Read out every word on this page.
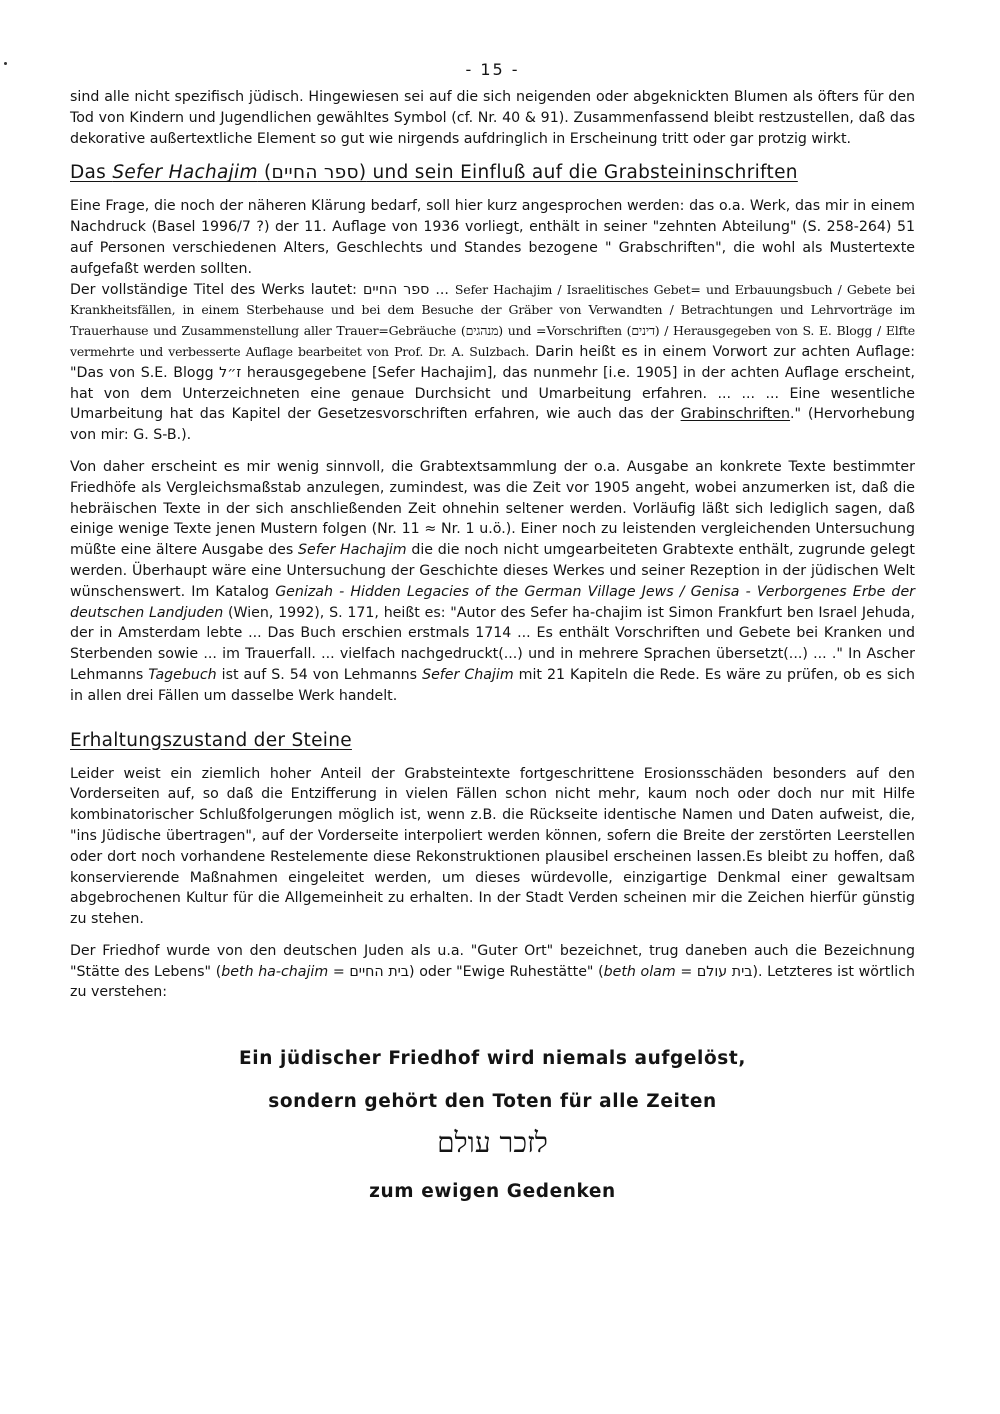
- 15 -

sind alle nicht spezifisch jüdisch. Hingewiesen sei auf die sich neigenden oder abgeknickten Blumen als öfters für den Tod von Kindern und Jugendlichen gewähltes Symbol (cf. Nr. 40 & 91). Zusammenfassend bleibt restzustellen, daß das dekorative außertextliche Element so gut wie nirgends aufdringlich in Erscheinung tritt oder gar protzig wirkt.

Das Sefer Hachajim (ספר החיים) und sein Einfluß auf die Grabsteininschriften

Eine Frage, die noch der näheren Klärung bedarf, soll hier kurz angesprochen werden: das o.a. Werk, das mir in einem Nachdruck (Basel 1996/7 ?) der 11. Auflage von 1936 vorliegt, enthält in seiner "zehnten Abteilung" (S. 258-264) 51 auf Personen verschiedenen Alters, Geschlechts und Standes bezogene " Grabschriften", die wohl als Mustertexte aufgefaßt werden sollten.
Der vollständige Titel des Werks lautet: ספר החיים ... Sefer Hachajim / Israelitisches Gebet= und Erbauungsbuch / Gebete bei Krankheitsfällen, in einem Sterbehause und bei dem Besuche der Gräber von Verwandten / Betrachtungen und Lehrvorträge im Trauerhause und Zusammenstellung aller Trauer=Gebräuche (מנהגים) und =Vorschriften (דינים) / Herausgegeben von S. E. Blogg / Elfte vermehrte und verbesserte Auflage bearbeitet von Prof. Dr. A. Sulzbach. Darin heißt es in einem Vorwort zur achten Auflage: "Das von S.E. Blogg ז״ל herausgegebene [Sefer Hachajim], das nunmehr [i.e. 1905] in der achten Auflage erscheint, hat von dem Unterzeichneten eine genaue Durchsicht und Umarbeitung erfahren. ... ... ... Eine wesentliche Umarbeitung hat das Kapitel der Gesetzesvorschriften erfahren, wie auch das der Grabinschriften." (Hervorhebung von mir: G. S-B.).

Von daher erscheint es mir wenig sinnvoll, die Grabtextsammlung der o.a. Ausgabe an konkrete Texte bestimmter Friedhöfe als Vergleichsmaßstab anzulegen, zumindest, was die Zeit vor 1905 angeht, wobei anzumerken ist, daß die hebräischen Texte in der sich anschließenden Zeit ohnehin seltener werden. Vorläufig läßt sich lediglich sagen, daß einige wenige Texte jenen Mustern folgen (Nr. 11 ≈ Nr. 1 u.ö.). Einer noch zu leistenden vergleichenden Untersuchung müßte eine ältere Ausgabe des Sefer Hachajim die die noch nicht umgearbeiteten Grabtexte enthält, zugrunde gelegt werden. Überhaupt wäre eine Untersuchung der Geschichte dieses Werkes und seiner Rezeption in der jüdischen Welt wünschenswert. Im Katalog Genizah - Hidden Legacies of the German Village Jews / Genisa - Verborgenes Erbe der deutschen Landjuden (Wien, 1992), S. 171, heißt es: "Autor des Sefer ha-chajim ist Simon Frankfurt ben Israel Jehuda, der in Amsterdam lebte ... Das Buch erschien erstmals 1714 ... Es enthält Vorschriften und Gebete bei Kranken und Sterbenden sowie ... im Trauerfall. ... vielfach nachgedruckt(...) und in mehrere Sprachen übersetzt(...) ... ." In Ascher Lehmanns Tagebuch ist auf S. 54 von Lehmanns Sefer Chajim mit 21 Kapiteln die Rede. Es wäre zu prüfen, ob es sich in allen drei Fällen um dasselbe Werk handelt.

Erhaltungszustand der Steine

Leider weist ein ziemlich hoher Anteil der Grabsteintexte fortgeschrittene Erosionsschäden besonders auf den Vorderseiten auf, so daß die Entzifferung in vielen Fällen schon nicht mehr, kaum noch oder doch nur mit Hilfe kombinatorischer Schlußfolgerungen möglich ist, wenn z.B. die Rückseite identische Namen und Daten aufweist, die, "ins Jüdische übertragen", auf der Vorderseite interpoliert werden können, sofern die Breite der zerstörten Leerstellen oder dort noch vorhandene Restelemente diese Rekonstruktionen plausibel erscheinen lassen.Es bleibt zu hoffen, daß konservierende Maßnahmen eingeleitet werden, um dieses würdevolle, einzigartige Denkmal einer gewaltsam abgebrochenen Kultur für die Allgemeinheit zu erhalten. In der Stadt Verden scheinen mir die Zeichen hierfür günstig zu stehen.

Der Friedhof wurde von den deutschen Juden als u.a. "Guter Ort" bezeichnet, trug daneben auch die Bezeichnung "Stätte des Lebens" (beth ha-chajim = בית החיים) oder "Ewige Ruhestätte" (beth olam = בית עולם). Letzteres ist wörtlich zu verstehen:

Ein jüdischer Friedhof wird niemals aufgelöst,
sondern gehört den Toten für alle Zeiten
לזכר עולם
zum ewigen Gedenken
